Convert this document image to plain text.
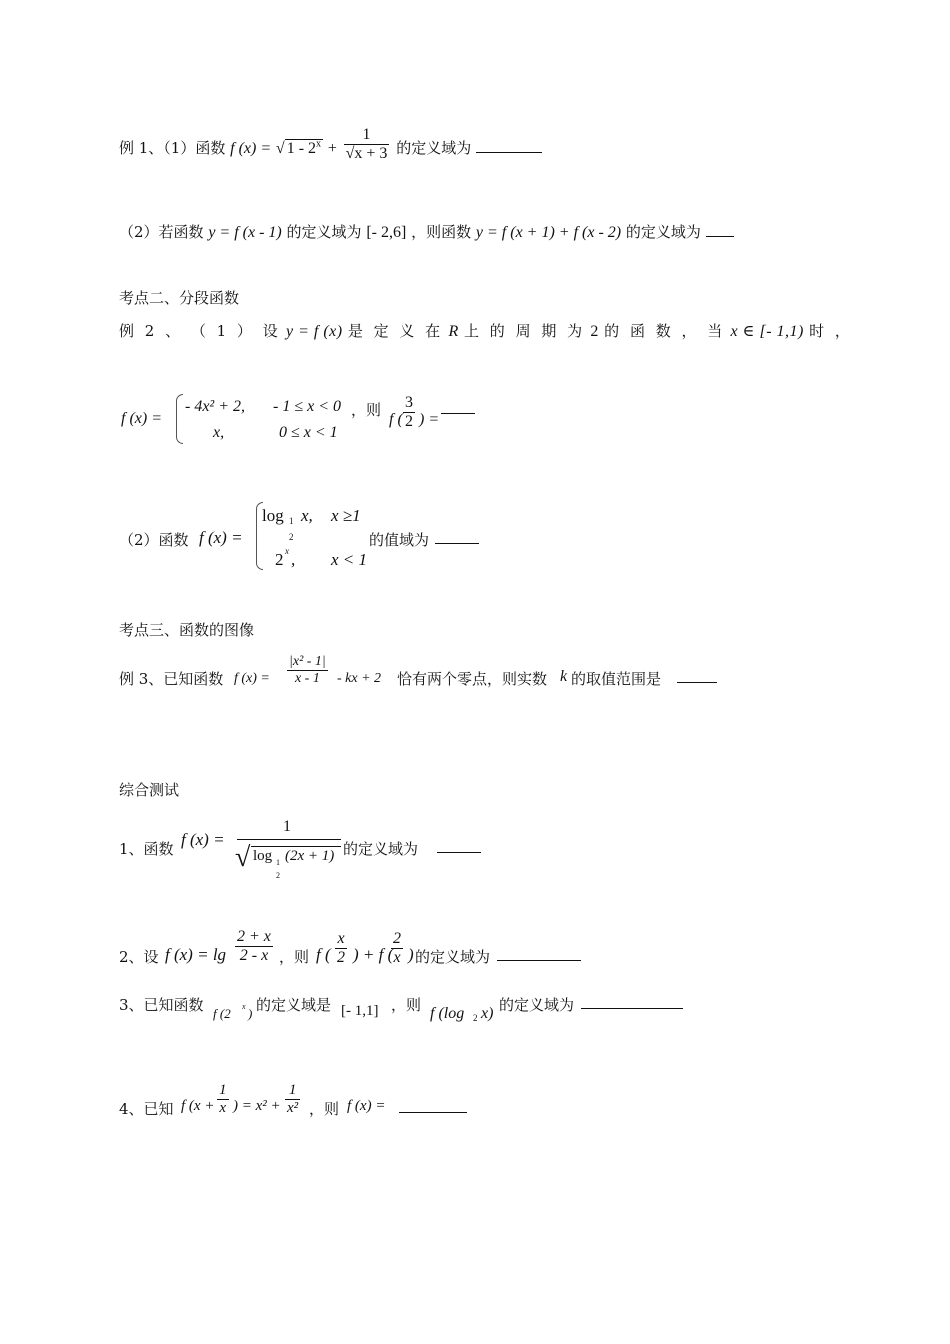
例 1、（1）函数 f (x) = √ $1 - 2^x + \frac{1}{√x + 3}$ 的定义域为
（2）若函数 y = f (x - 1) 的定义域为 [- 2,6] ，则函数 y = f (x + 1) + f (x - 2) 的定义域为
考点二、分段函数
例 2 、 （ 1 ） 设 y = f (x) 是 定 义 在 R 上 的 周 期 为 2 的 函 数 ， 当 x ∈ [- 1,1) 时 ，
f (x) =
- 4x² + 2, - 1 ≤ x < 0 ，则
x,	0 ≤ x < 1
f ( $\frac{3}{2}$ ) =
（2）函数 f (x) =
log 1
2
x, x ≥1
2 x , x < 1
的值域为
考点三、函数的图像
例 3、已知函数 f $(x) = \frac{\text{|x² - 1|}}{x - 1}$ - kx + 2 恰有两个零点，则实数 k 的取值范围是
综合测试
1、函数 f (x) =
1
√ log 1
2
(2x + 1) 的定义域为
2、设 f $(x) = \lg \frac{2 + x}{2 - x}$ ，则 f ( $\frac{x}{2}$ ) + f (
$\frac{2}{x}$ ) 的定义域为
3、已知函数 f (2 x ) 的定义域是 [- 1,1] ，则 f (log 2 x) 的定义域为
4、已知 f ($x + \frac{1}{x}$ ) = $x^2 + \frac{1}{\text{x²}}$ ，则 f (x) =
